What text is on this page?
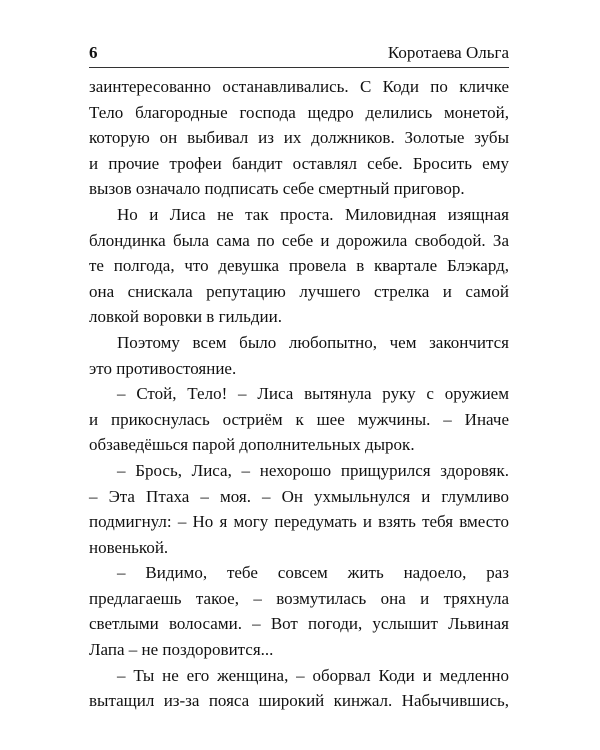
6	Коротаева Ольга
заинтересованно останавливались. С Коди по кличке
Тело благородные господа щедро делились монетой,
которую он выбивал из их должников. Золотые зубы
и прочие трофеи бандит оставлял себе. Бросить ему
вызов означало подписать себе смертный приговор.
Но и Лиса не так проста. Миловидная изящная
блондинка была сама по себе и дорожила свободой. За
те полгода, что девушка провела в квартале Блэкард,
она снискала репутацию лучшего стрелка и самой
ловкой воровки в гильдии.
Поэтому всем было любопытно, чем закончится
это противостояние.
– Стой, Тело! – Лиса вытянула руку с оружием
и прикоснулась остриём к шее мужчины. – Иначе
обзаведёшься парой дополнительных дырок.
– Брось, Лиса, – нехорошо прищурился здоровяк.
– Эта Птаха – моя. – Он ухмыльнулся и глумливо
подмигнул: – Но я могу передумать и взять тебя вместо
новенькой.
– Видимо, тебе совсем жить надоело, раз
предлагаешь такое, – возмутилась она и тряхнула
светлыми волосами. – Вот погоди, услышит Львиная
Лапа – не поздоровится...
– Ты не его женщина, – оборвал Коди и медленно
вытащил из-за пояса широкий кинжал. Набычившись,
